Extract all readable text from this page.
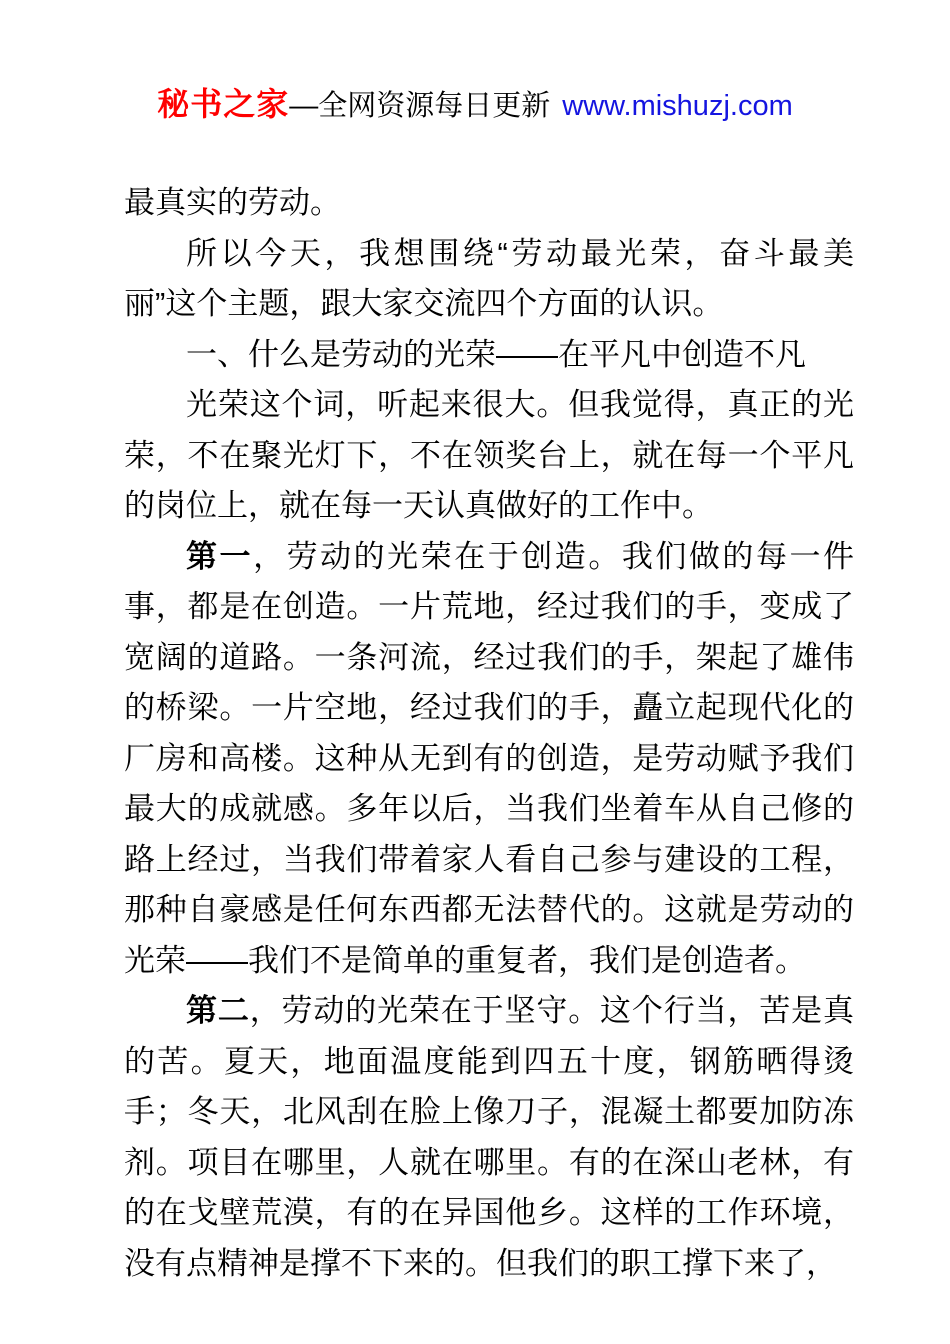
秘书之家—全网资源每日更新 www.mishuzj.com

最真实的劳动。

所以今天，我想围绕“劳动最光荣，奋斗最美丽”这个主题，跟大家交流四个方面的认识。

一、什么是劳动的光荣——在平凡中创造不凡

光荣这个词，听起来很大。但我觉得，真正的光荣，不在聚光灯下，不在领奖台上，就在每一个平凡的岗位上，就在每一天认真做好的工作中。

第一，劳动的光荣在于创造。我们做的每一件事，都是在创造。一片荒地，经过我们的手，变成了宽阔的道路。一条河流，经过我们的手，架起了雄伟的桥梁。一片空地，经过我们的手，矗立起现代化的厂房和高楼。这种从无到有的创造，是劳动赋予我们最大的成就感。多年以后，当我们坐着车从自己修的路上经过，当我们带着家人看自己参与建设的工程，那种自豪感是任何东西都无法替代的。这就是劳动的光荣——我们不是简单的重复者，我们是创造者。

第二，劳动的光荣在于坚守。这个行当，苦是真的苦。夏天，地面温度能到四五十度，钢筋晒得烫手；冬天，北风刮在脸上像刀子，混凝土都要加防冻剂。项目在哪里，人就在哪里。有的在深山老林，有的在戈壁荒漠，有的在异国他乡。这样的工作环境，没有点精神是撑不下来的。但我们的职工撑下来了，
